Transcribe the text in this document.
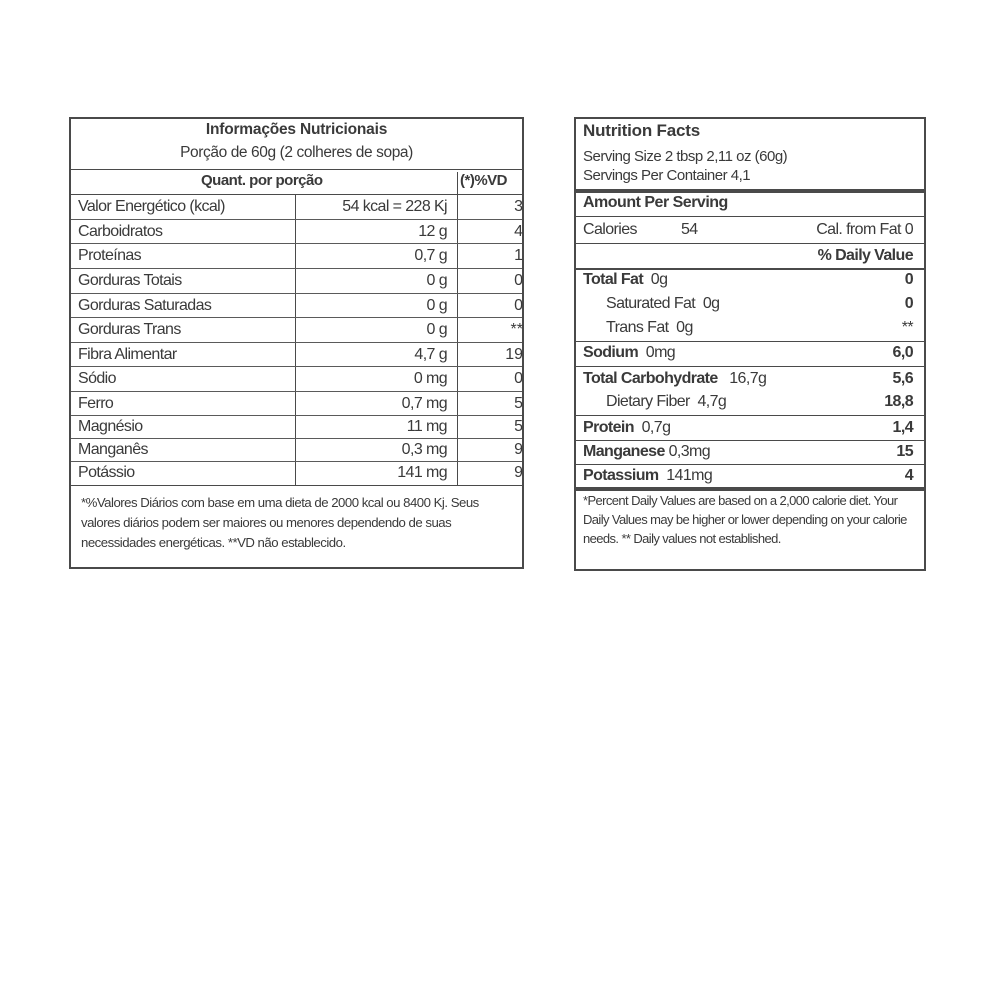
Informações Nutricionais
Porção de 60g (2 colheres de sopa)
Quant. por porção	(*)%VD
Valor Energético (kcal)	54 kcal = 228 Kj	3
Carboidratos	12 g	4
Proteínas	0,7 g	1
Gorduras Totais	0 g	0
Gorduras Saturadas	0 g	0
Gorduras Trans	0 g	**
Fibra Alimentar	4,7 g	19
Sódio	0 mg	0
Ferro	0,7 mg	5
Magnésio	11 mg	5
Manganês	0,3 mg	9
Potássio	141 mg	9
*%Valores Diários com base em uma dieta de 2000 kcal ou 8400 Kj. Seus valores diários podem ser maiores ou menores dependendo de suas necessidades energéticas. **VD não establecido.
Nutrition Facts
Serving Size 2 tbsp 2,11 oz (60g)
Servings Per Container 4,1
Amount Per Serving
Calories	54	Cal. from Fat 0
% Daily Value
Total Fat 0g	0
Saturated Fat 0g	0
Trans Fat 0g	**
Sodium 0mg	6,0
Total Carbohydrate 16,7g	5,6
Dietary Fiber 4,7g	18,8
Protein 0,7g	1,4
Manganese 0,3mg	15
Potassium 141mg	4
*Percent Daily Values are based on a 2,000 calorie diet. Your Daily Values may be higher or lower depending on your calorie needs. ** Daily values not established.
